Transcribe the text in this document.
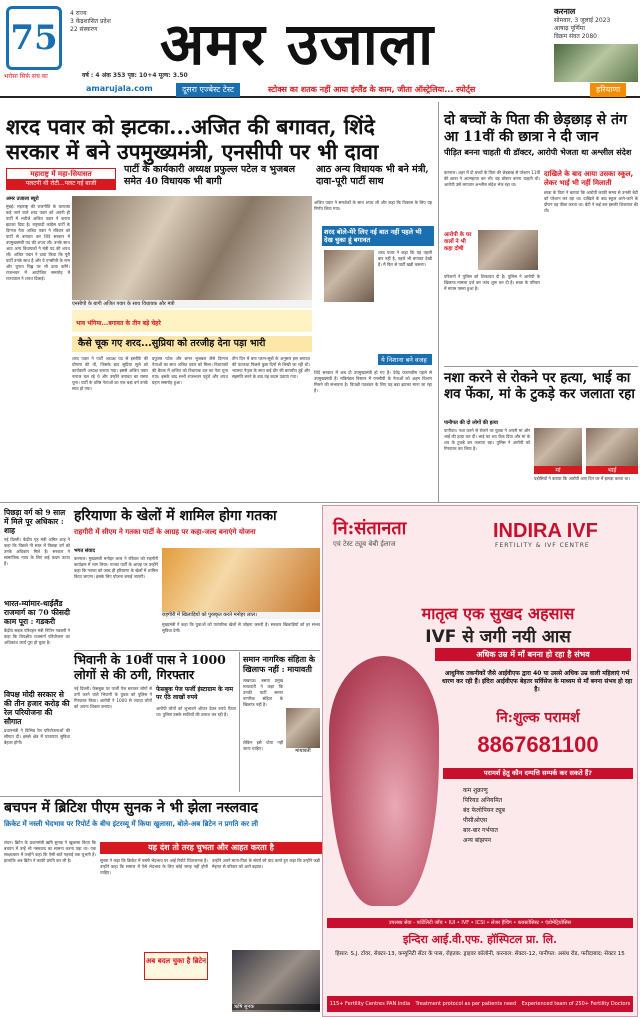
75
भरोसा सिर्फ़ सच का
4 राज्य
3 केंद्रशासित प्रदेश
22 संस्करण	अमर उजाला
वर्ष : 4 अंक 353 पृष्ठ: 10+4 मूल्य: 3.50
करनाल
सोमवार, 3 जुलाई 2023
आषाढ़ पूर्णिमा
विक्रम संवत 2080
amarujala.com	दूसरा एज्बेस्ट टेस्ट	स्टोक्स का शतक नहीं आया इंग्लैंड के काम, जीता ऑस्ट्रेलिया... स्पोर्ट्स	हरियाणा
शरद पवार को झटका...अजित की बगावत, शिंदे सरकार में बने उपमुख्यमंत्री, एनसीपी पर भी दावा
महाराष्ट्र में महा-सियासत
पलटनी थी रोटी...पलट गई बाजी
पार्टी के कार्यकारी अध्यक्ष प्रफुल्ल पटेल व भुजबल समेत 40 विधायक भी बागी
आठ अन्य विधायक भी बने मंत्री, दावा-पूरी पार्टी साथ
अमर उजाला ब्यूरो
मुंबई। महाराष्ट्र की राजनीति के चाणक्य कहे जाने वाले शरद पवार को अपनी ही पार्टी में भतीजे अजित पवार ने करारा झटका दिया है। राष्ट्रवादी कांग्रेस पार्टी के दिग्गज नेता अजित पवार ने रविवार को पार्टी से बगावत कर शिंदे सरकार में उपमुख्यमंत्री पद की शपथ ली। उनके साथ आठ अन्य विधायकों ने मंत्री पद की शपथ ली। अजित पवार ने दावा किया कि पूरी पार्टी उनके साथ है और वे एनसीपी के नाम और चुनाव चिह्न पर भी दावा करेंगे। राजभवन में आयोजित समारोह में राज्यपाल ने शपथ दिलाई।
एनसीपी के बागी अजित पवार के साथ विधायक और मंत्री
अजित पवार ने समर्थकों के साथ शपथ ली और कहा कि विकास के लिए यह निर्णय लिया गया।
शरद बोले-मेरे लिए नई बात नहीं पहले भी देख चुका हूं बगावत
शरद पवार ने कहा कि यह पहली बार नहीं है, पहले भी बगावत देखी है। मैं फिर से पार्टी खड़ी करूंगा।
भाव भंगिमा...बगावत के तीन बड़े चेहरे
कैसे चूक गए शरद...सुप्रिया को तरजीह देना पड़ा भारी
ये निशाना बने वजह
शरद पवार ने पार्टी अध्यक्ष पद से इस्तीफे की घोषणा की थी, जिसके बाद सुप्रिया सुले को कार्यकारी अध्यक्ष बनाया गया। इससे अजित पवार नाराज चल रहे थे और उन्होंने बगावत का रास्ता चुना। पार्टी के वरिष्ठ नेताओं का एक बड़ा वर्ग उनके साथ हो गया।
प्रफुल्ल पटेल और छगन भुजबल जैसे दिग्गज नेताओं का साथ अजित पवार को मिला। विधायकों की बैठक में अजित को विधायक दल का नेता चुना गया। इसके बाद सभी राजभवन पहुंचे और शपथ ग्रहण समारोह हुआ।
तीन दिन में बना प्लान-सूत्रों के अनुसार इस बगावत की पटकथा पिछले कुछ दिनों से लिखी जा रही थी। भाजपा नेतृत्व के साथ कई दौर की बातचीत हुई और सहमति बनने के बाद यह कदम उठाया गया।
शिंदे सरकार में अब दो उपमुख्यमंत्री हो गए हैं। देवेंद्र फडणवीस पहले से उपमुख्यमंत्री हैं। मंत्रिमंडल विस्तार में एनसीपी के नेताओं को अहम विभाग मिलने की संभावना है। विपक्षी गठबंधन के लिए यह बड़ा झटका माना जा रहा है।
दो बच्चों के पिता की छेड़छाड़ से तंग आ 11वीं की छात्रा ने दी जान
पीड़ित बनना चाहती थी डॉक्टर, आरोपी भेजता था अश्लील संदेश
करनाल। शहर में दो बच्चों के पिता की छेड़छाड़ से परेशान 11वीं की छात्रा ने आत्महत्या कर ली। वह डॉक्टर बनना चाहती थी। आरोपी उसे लगातार अश्लील संदेश भेज रहा था।
आरोपी के घर वालों ने भी कहा दोषी
परिजनों ने पुलिस को शिकायत दी है। पुलिस ने आरोपी के खिलाफ मामला दर्ज कर जांच शुरू कर दी है। छात्रा के परिवार में मातम पसरा हुआ है।
दाखिले के बाद आया उसका स्कूल, लेकर भाई भी नहीं मिलाती
छात्रा के पिता ने बताया कि आरोपी काफी समय से उनकी बेटी को परेशान कर रहा था। दाखिले के बाद स्कूल आने-जाने के दौरान वह पीछा करता था। बेटी ने कई बार इसकी शिकायत की थी।
नशा करने से रोकने पर हत्या, भाई का शव फेंका, मां के टुकड़े कर जलाता रहा
पानीपत की दो लोगों की हत्या
पानीपत। नशा करने से रोकने पर युवक ने अपनी मां और भाई की हत्या कर दी। भाई का शव फेंक दिया और मां के शव के टुकड़े कर जलाता रहा। पुलिस ने आरोपी को गिरफ्तार कर लिया है।
मां	भाई
पड़ोसियों ने बताया कि आरोपी आए दिन घर में झगड़ा करता था।
पिछड़ा वर्ग को 9 साल में मिले पूर अधिकार : शाह
नई दिल्ली। केंद्रीय गृह मंत्री अमित शाह ने कहा कि पिछले नौ साल में पिछड़ा वर्ग को उनके अधिकार मिले हैं। सरकार ने सामाजिक न्याय के लिए कई कदम उठाए हैं।
भारत-म्यांमार-थाईलैंड राजमार्ग का 70 फीसदी काम पूरा : गडकरी
केंद्रीय सड़क परिवहन मंत्री नितिन गडकरी ने कहा कि त्रिपक्षीय राजमार्ग परियोजना का अधिकांश कार्य पूरा हो चुका है।
विपक्ष मोदी सरकार से की तीन हजार करोड़ की रेल परियोजना की सौगात
प्रधानमंत्री ने विभिन्न रेल परियोजनाओं की सौगात दी। इससे क्षेत्र में यातायात सुविधा बेहतर होगी।
हरियाणा के खेलों में शामिल होगा गतका
राहगीरी में सीएम ने गतका पार्टी के आग्रह पर कहा-जल्द बनाएंगे योजना
भगत संवाद
करनाल। मुख्यमंत्री मनोहर लाल ने रविवार को राहगीरी कार्यक्रम में भाग लिया। गतका पार्टी के आग्रह पर उन्होंने कहा कि गतका को जल्द ही हरियाणा के खेलों में शामिल किया जाएगा। इसके लिए योजना बनाई जाएगी।
राहगीरी में खिलाड़ियों को पुरस्कृत करते मनोहर लाल।
मुख्यमंत्री ने कहा कि युवाओं को पारंपरिक खेलों से जोड़ना जरूरी है। सरकार खिलाड़ियों को हर संभव सुविधा देगी।
भिवानी के 10वीं पास ने 1000 लोगों से की ठगी, गिरफ्तार
नई दिल्ली। फेसबुक पर फर्जी पेज बनाकर लोगों से ठगी करने वाले भिवानी के युवक को पुलिस ने गिरफ्तार किया। आरोपी ने 1000 से ज्यादा लोगों को अपना शिकार बनाया।
फेसबुक पेज फर्जी इंस्टाग्राम के नाम पर ऐंठे लाखों रुपये
आरोपी लोगों को लुभावने ऑफर देकर रुपये ऐंठता था। पुलिस उसके साथियों की तलाश कर रही है।
समान नागरिक संहिता के खिलाफ नहीं : मायावती
लखनऊ। बसपा प्रमुख मायावती ने कहा कि उनकी पार्टी समान नागरिक संहिता के खिलाफ नहीं है।
मायावती
लेकिन इसे थोपा नहीं जाना चाहिए।
बचपन में ब्रिटिश पीएम सुनक ने भी झेला नस्लवाद
क्रिकेट में नस्ली भेदभाव पर रिपोर्ट के बीच इंटरव्यू में किया खुलासा, बोले-अब ब्रिटेन न प्रगति कर ली
यह दंश तो तरह चुभता और आहत करता है
लंदन। ब्रिटेन के प्रधानमंत्री ऋषि सुनक ने खुलासा किया कि बचपन में उन्हें भी नस्लवाद का सामना करना पड़ा था। एक साक्षात्कार में उन्होंने कहा कि ऐसी बातें गहराई तक चुभती हैं। हालांकि अब ब्रिटेन ने काफी प्रगति कर ली है।	सुनक ने कहा कि क्रिकेट में नस्ली भेदभाव पर आई रिपोर्ट चिंताजनक है। उन्होंने कहा कि समाज में ऐसे भेदभाव के लिए कोई जगह नहीं होनी चाहिए।
उन्होंने अपने माता-पिता के संघर्ष को याद करते हुए कहा कि उन्होंने कड़ी मेहनत से परिवार को आगे बढ़ाया।
अब बदल चुका है ब्रिटेन
ऋषि सुनक
नि:संतानता
एवं टेस्ट ट्यूब बेबी ईलाज
INDIRA IVF
FERTILITY & IVF CENTRE
मातृत्व एक सुखद अहसास
IVF से जगी नयी आस
अधिक उम्र में माँ बनना हो रहा है संभव
आधुनिक तकनीकों जैसे आईवीएफ द्वारा 40 या उससे अधिक उम्र वाली महिलाएं गर्भ धारण कर रही हैं। इंदिरा आईवीएफ बेहतर सर्विसेज के माध्यम से माँ बनना संभव हो रहा है।
नि:शुल्क परामर्श
8867681100
परामर्श हेतु कौन दम्पत्ति सम्पर्क कर सकते हैं?
कम शुक्राणु
पिरियड अनियमित
बंद फेलोपियन ट्यूब
पीसीओएस
बार-बार गर्भपात
अन्य बांझपन
उपलब्ध सेवा - फर्टिलिटी जाँच • IUI • IVF • ICSI • लेजर हैचिंग • ब्लास्टोसिस्ट • एंडोमेट्रियोसिस
इन्दिरा आई.वी.एफ. हॉस्पिटल प्रा. लि.
हिसार: S.J. टॉवर, सेक्टर-13, कम्युनिटी सेंटर के पास, रोहतक: ड्राइवर कॉलोनी, करनाल: सेक्टर-12, पानीपत: असंध रोड, फरीदाबाद: सेक्टर 15
115+ Fertility Centres PAN India Treatment protocol as per patients need Experienced team of 250+ Fertility Doctors
